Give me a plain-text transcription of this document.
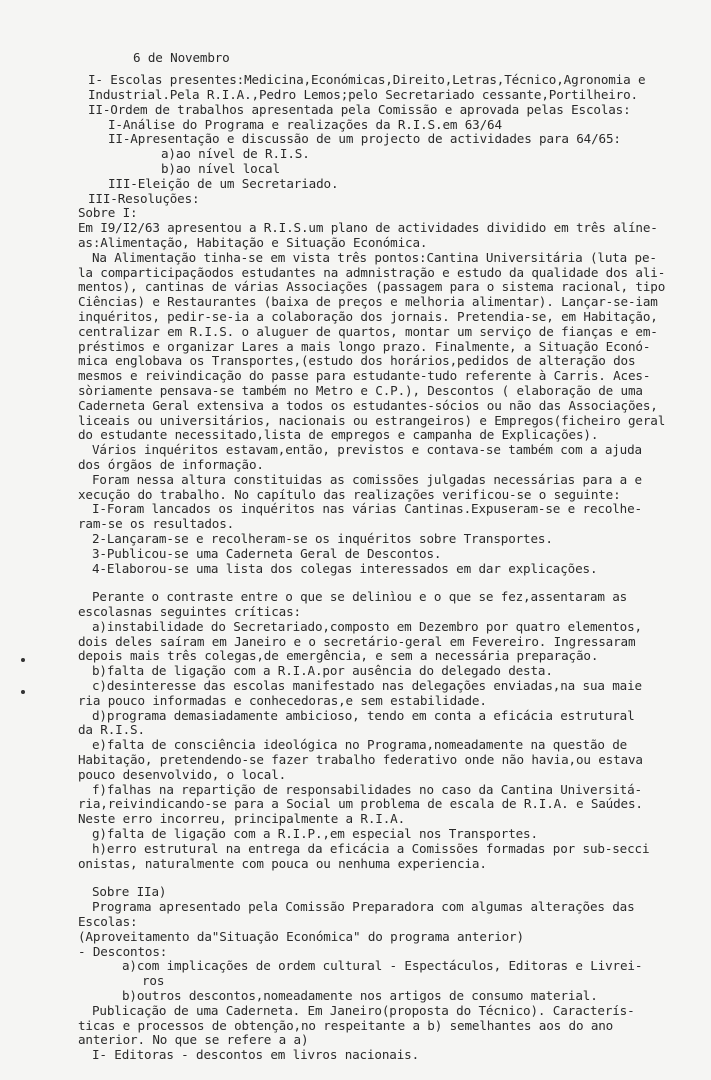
6 de Novembro
I- Escolas presentes:Medicina,Económicas,Direito,Letras,Técnico,Agronomia e
Industrial.Pela R.I.A.,Pedro Lemos;pelo Secretariado cessante,Portilheiro.
II-Ordem de trabalhos apresentada pela Comissão e aprovada pelas Escolas:
I-Análise do Programa e realizações da R.I.S.em 63/64
II-Apresentação e discussão de um projecto de actividades para 64/65:
a)ao nível de R.I.S.
b)ao nível local
III-Eleição de um Secretariado.
III-Resoluções:
Sobre I:
Em I9/I2/63 apresentou a R.I.S.um plano de actividades dividido em três alíne-
as:Alimentação, Habitação e Situação Económica.
Na Alimentação tinha-se em vista três pontos:Cantina Universitária (luta pe-
la comparticipaçãodos estudantes na admnistração e estudo da qualidade dos ali-
mentos), cantinas de várias Associações (passagem para o sistema racional, tipo
Ciências) e Restaurantes (baixa de preços e melhoria alimentar). Lançar-se-iam
inquéritos, pedir-se-ia a colaboração dos jornais. Pretendia-se, em Habitação,
centralizar em R.I.S. o aluguer de quartos, montar um serviço de fianças e em-
préstimos e organizar Lares a mais longo prazo. Finalmente, a Situação Econó-
mica englobava os Transportes,(estudo dos horários,pedidos de alteração dos
mesmos e reivindicação do passe para estudante-tudo referente à Carris. Aces-
sòriamente pensava-se também no Metro e C.P.), Descontos ( elaboração de uma
Caderneta Geral extensiva a todos os estudantes-sócios ou não das Associações,
liceais ou universitários, nacionais ou estrangeiros) e Empregos(ficheiro geral
do estudante necessitado,lista de empregos e campanha de Explicações).
Vários inquéritos estavam,então, previstos e contava-se também com a ajuda
dos órgãos de informação.
Foram nessa altura constituidas as comissões julgadas necessárias para a e
xecução do trabalho. No capítulo das realizações verificou-se o seguinte:
I-Foram lancados os inquéritos nas várias Cantinas.Expuseram-se e recolhe-
ram-se os resultados.
2-Lançaram-se e recolheram-se os inquéritos sobre Transportes.
3-Publicou-se uma Caderneta Geral de Descontos.
4-Elaborou-se uma lista dos colegas interessados em dar explicações.
Perante o contraste entre o que se delinìou e o que se fez,assentaram as
escolasnas seguintes críticas:
a)instabilidade do Secretariado,composto em Dezembro por quatro elementos,
dois deles saíram em Janeiro e o secretário-geral em Fevereiro. Ingressaram
depois mais três colegas,de emergência, e sem a necessária preparação.
b)falta de ligação com a R.I.A.por ausência do delegado desta.
c)desinteresse das escolas manifestado nas delegações enviadas,na sua maie
ria pouco informadas e conhecedoras,e sem estabilidade.
d)programa demasiadamente ambicioso, tendo em conta a eficácia estrutural
da R.I.S.
e)falta de consciência ideológica no Programa,nomeadamente na questão de
Habitação, pretendendo-se fazer trabalho federativo onde não havia,ou estava
pouco desenvolvido, o local.
f)falhas na repartição de responsabilidades no caso da Cantina Universitá-
ria,reivindicando-se para a Social um problema de escala de R.I.A. e Saúdes.
Neste erro incorreu, principalmente a R.I.A.
g)falta de ligação com a R.I.P.,em especial nos Transportes.
h)erro estrutural na entrega da eficácia a Comissões formadas por sub-secci
onistas, naturalmente com pouca ou nenhuma experiencia.
Sobre IIa)
Programa apresentado pela Comissão Preparadora com algumas alterações das
Escolas:
(Aproveitamento da"Situação Económica" do programa anterior)
- Descontos:
a)com implicações de ordem cultural - Espectáculos, Editoras e Livrei-
ros
b)outros descontos,nomeadamente nos artigos de consumo material.
Publicação de uma Caderneta. Em Janeiro(proposta do Técnico). Caracterís-
ticas e processos de obtenção,no respeitante a b) semelhantes aos do ano
anterior. No que se refere a a)
I- Editoras - descontos em livros nacionais.
